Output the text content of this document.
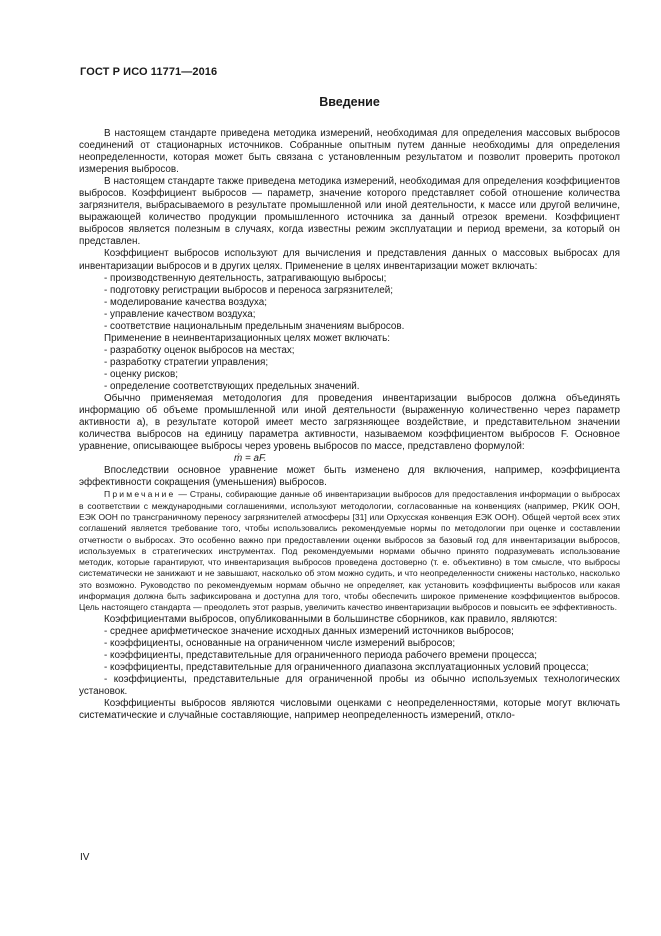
ГОСТ Р ИСО 11771—2016
Введение

В настоящем стандарте приведена методика измерений, необходимая для определения массовых выбросов соединений от стационарных источников. Собранные опытным путем данные необходимы для определения неопределенности, которая может быть связана с установленным результатом и позволит проверить протокол измерения выбросов.

В настоящем стандарте также приведена методика измерений, необходимая для определения коэффициентов выбросов. Коэффициент выбросов — параметр, значение которого представляет собой отношение количества загрязнителя, выбрасываемого в результате промышленной или иной деятельности, к массе или другой величине, выражающей количество продукции промышленного источника за данный отрезок времени. Коэффициент выбросов является полезным в случаях, когда известны режим эксплуатации и период времени, за который он представлен.

Коэффициент выбросов используют для вычисления и представления данных о массовых выбросах для инвентаризации выбросов и в других целях. Применение в целях инвентаризации может включать:

- производственную деятельность, затрагивающую выбросы;

- подготовку регистрации выбросов и переноса загрязнителей;

- моделирование качества воздуха;

- управление качеством воздуха;

- соответствие национальным предельным значениям выбросов.

Применение в неинвентаризационных целях может включать:

- разработку оценок выбросов на местах;

- разработку стратегии управления;

- оценку рисков;

- определение соответствующих предельных значений.

Обычно применяемая методология для проведения инвентаризации выбросов должна объединять информацию об объеме промышленной или иной деятельности (выраженную количественно через параметр активности a), в результате которой имеет место загрязняющее воздействие, и представительном значении количества выбросов на единицу параметра активности, называемом коэффициентом выбросов F. Основное уравнение, описывающее выбросы через уровень выбросов по массе, представлено формулой:

ṁ = aF.

Впоследствии основное уравнение может быть изменено для включения, например, коэффициента эффективности сокращения (уменьшения) выбросов.

Примечание — Страны, собирающие данные об инвентаризации выбросов для предоставления информации о выбросах в соответствии с международными соглашениями, используют методологии, согласованные на конвенциях (например, РКИК ООН, ЕЭК ООН по трансграничному переносу загрязнителей атмосферы [31] или Орхусская конвенция ЕЭК ООН). Общей чертой всех этих соглашений является требование того, чтобы использовались рекомендуемые нормы по методологии при оценке и составлении отчетности о выбросах. Это особенно важно при предоставлении оценки выбросов за базовый год для инвентаризации выбросов, используемых в стратегических инструментах. Под рекомендуемыми нормами обычно принято подразумевать использование методик, которые гарантируют, что инвентаризация выбросов проведена достоверно (т. е. объективно) в том смысле, что выбросы систематически не занижают и не завышают, насколько об этом можно судить, и что неопределенности снижены настолько, насколько это возможно. Руководство по рекомендуемым нормам обычно не определяет, как установить коэффициенты выбросов или какая информация должна быть зафиксирована и доступна для того, чтобы обеспечить широкое применение коэффициентов выбросов. Цель настоящего стандарта — преодолеть этот разрыв, увеличить качество инвентаризации выбросов и повысить ее эффективность.

Коэффициентами выбросов, опубликованными в большинстве сборников, как правило, являются:

- среднее арифметическое значение исходных данных измерений источников выбросов;

- коэффициенты, основанные на ограниченном числе измерений выбросов;

- коэффициенты, представительные для ограниченного периода рабочего времени процесса;

- коэффициенты, представительные для ограниченного диапазона эксплуатационных условий процесса;

- коэффициенты, представительные для ограниченной пробы из обычно используемых технологических установок.

Коэффициенты выбросов являются числовыми оценками с неопределенностями, которые могут включать систематические и случайные составляющие, например неопределенность измерений, откло-

IV
